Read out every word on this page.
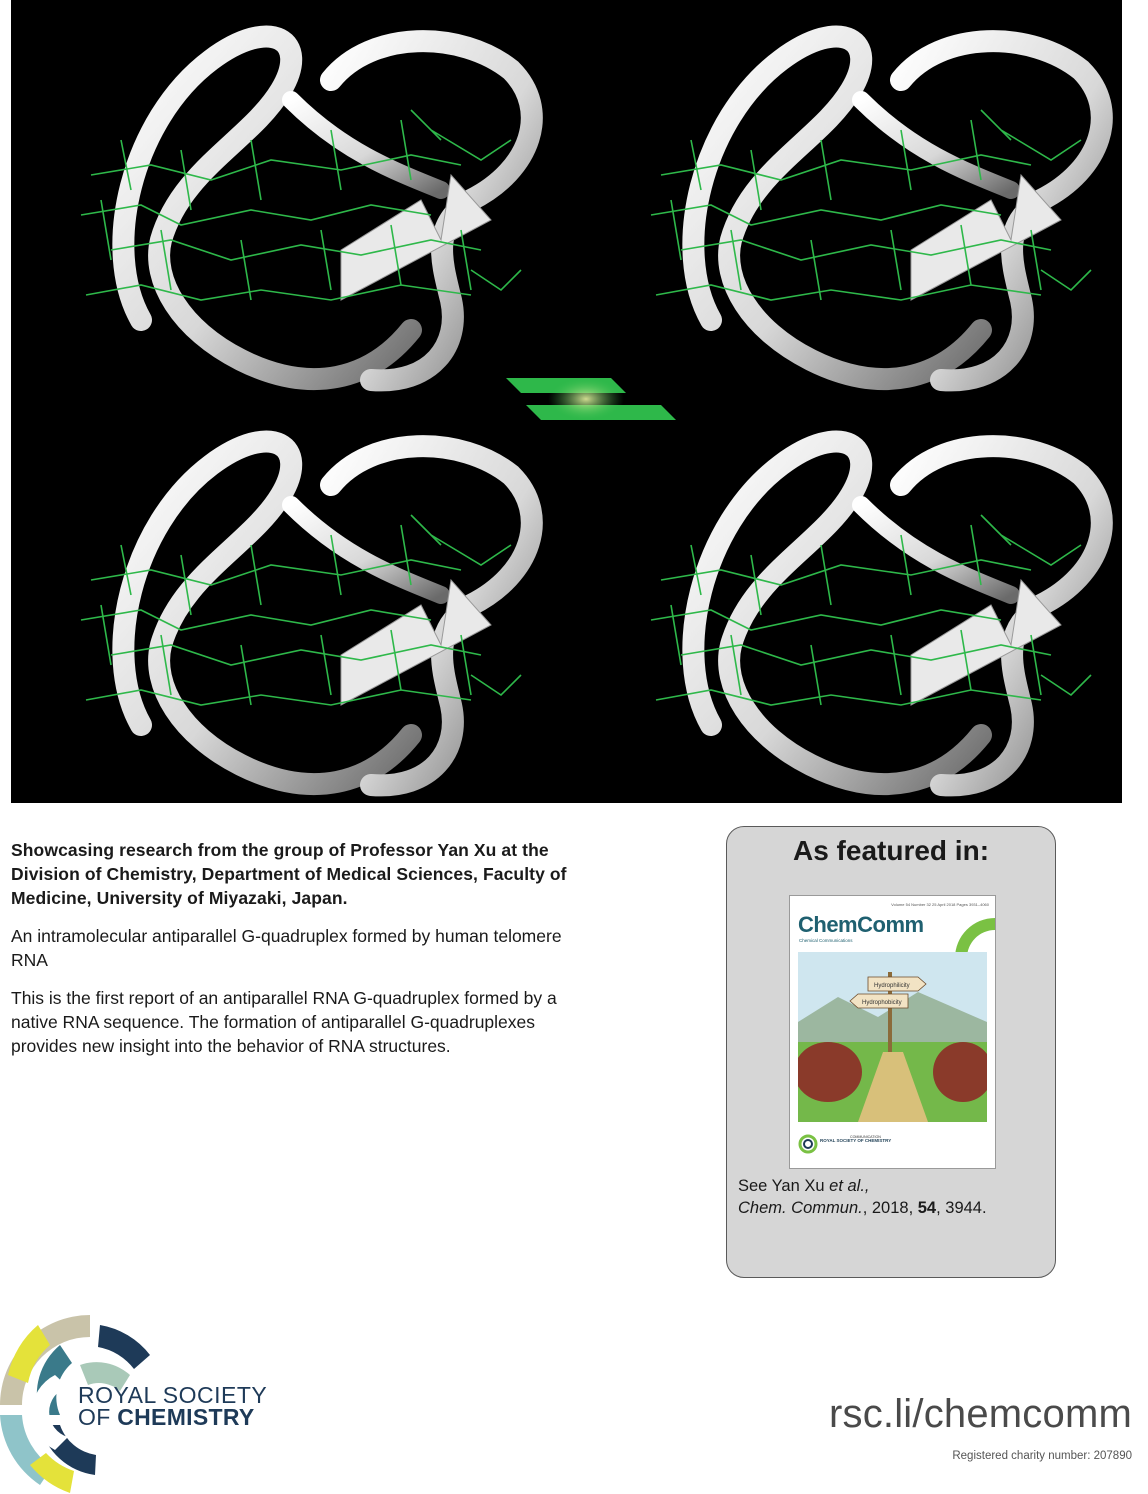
Showcasing research from the group of Professor Yan Xu at the Division of Chemistry, Department of Medical Sciences, Faculty of Medicine, University of Miyazaki, Japan.

An intramolecular antiparallel G-quadruplex formed by human telomere RNA

This is the first report of an antiparallel RNA G-quadruplex formed by a native RNA sequence. The formation of antiparallel G-quadruplexes provides new insight into the behavior of RNA structures.

As featured in:
Volume 54 Number 32 25 April 2018 Pages 3931–4060
ChemComm
Chemical Communications
Hydrophilicity
Hydrophobicity
ROYAL SOCIETY OF CHEMISTRY
COMMUNICATION
See Yan Xu et al.,
Chem. Commun., 2018, 54, 3944.
ROYAL SOCIETY
OF CHEMISTRY	rsc.li/chemcomm
Registered charity number: 207890
